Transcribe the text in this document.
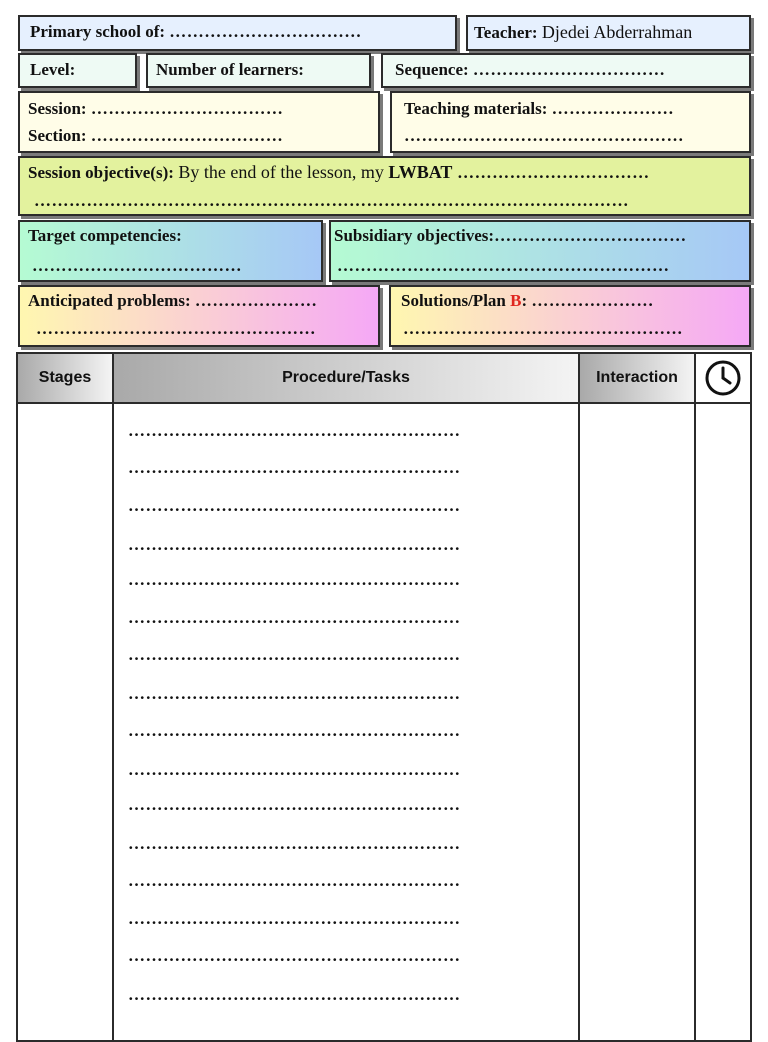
Primary school of: ……………………………	Teacher: Djedei Abderrahman
Level:	Number of learners:	Sequence: ……………………………
Session: ……………………………
Section: ……………………………
Teaching materials: …………………
…………………………………………
Session objective(s): By the end of the lesson, my LWBAT ……………………………
…………………………………………………………………………………………
Target competencies:
………………………………
Subsidiary objectives:……………………………
…………………………………………………
Anticipated problems: …………………
…………………………………………
Solutions/Plan B: …………………
…………………………………………
Stages	Procedure/Tasks	Interaction
…………………………………………………
…………………………………………………
…………………………………………………
…………………………………………………
…………………………………………………
…………………………………………………
…………………………………………………
…………………………………………………
…………………………………………………
…………………………………………………
…………………………………………………
…………………………………………………
…………………………………………………
…………………………………………………
…………………………………………………
…………………………………………………
